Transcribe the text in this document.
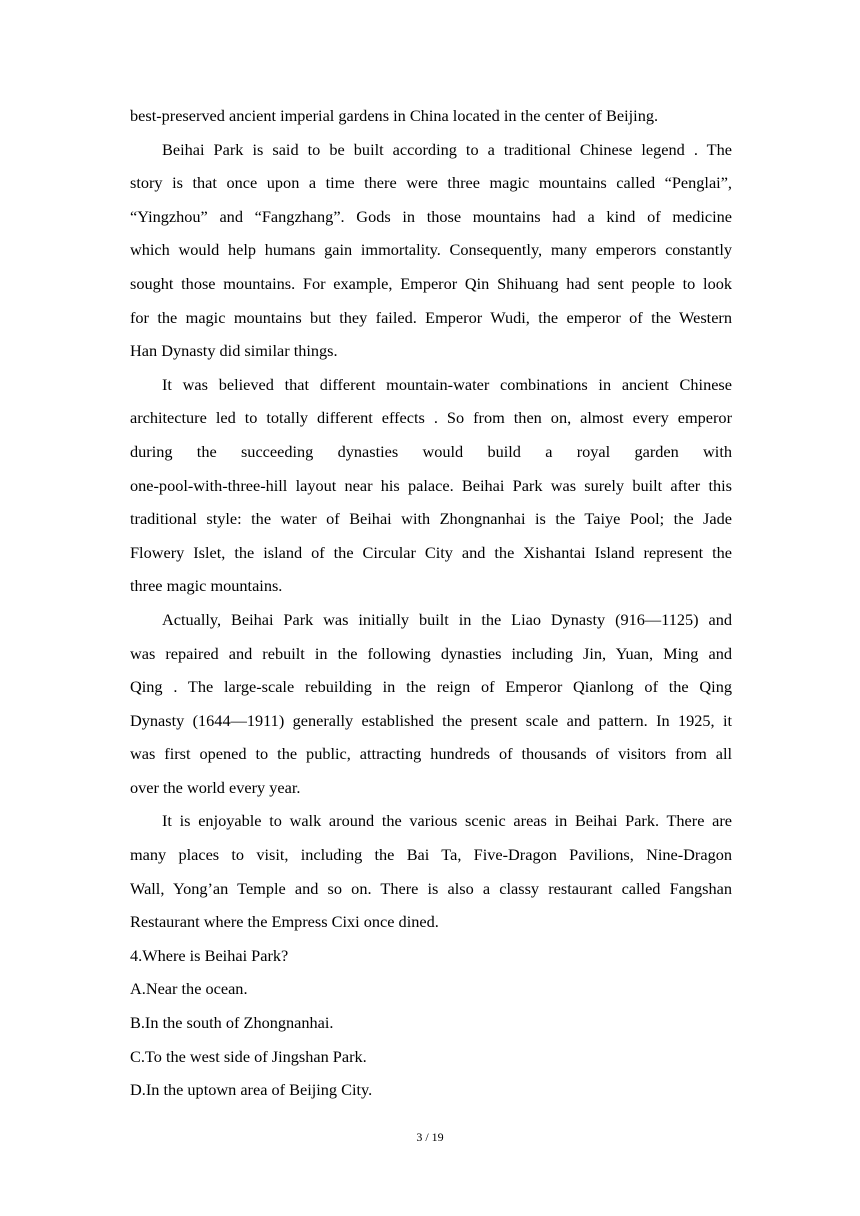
best-preserved ancient imperial gardens in China located in the center of Beijing.

Beihai Park is said to be built according to a traditional Chinese legend . The

story is that once upon a time there were three magic mountains called “Penglai”,

“Yingzhou” and “Fangzhang”. Gods in those mountains had a kind of medicine

which would help humans gain immortality. Consequently, many emperors constantly

sought those mountains. For example, Emperor Qin Shihuang had sent people to look

for the magic mountains but they failed. Emperor Wudi, the emperor of the Western

Han Dynasty did similar things.

It was believed that different mountain-water combinations in ancient Chinese

architecture led to totally different effects . So from then on, almost every emperor

during the succeeding dynasties would build a royal garden with

one-pool-with-three-hill layout near his palace. Beihai Park was surely built after this

traditional style: the water of Beihai with Zhongnanhai is the Taiye Pool; the Jade

Flowery Islet, the island of the Circular City and the Xishantai Island represent the

three magic mountains.

Actually, Beihai Park was initially built in the Liao Dynasty (916—1125) and

was repaired and rebuilt in the following dynasties including Jin, Yuan, Ming and

Qing . The large-scale rebuilding in the reign of Emperor Qianlong of the Qing

Dynasty (1644—1911) generally established the present scale and pattern. In 1925, it

was first opened to the public, attracting hundreds of thousands of visitors from all

over the world every year.

It is enjoyable to walk around the various scenic areas in Beihai Park. There are

many places to visit, including the Bai Ta, Five-Dragon Pavilions, Nine-Dragon

Wall, Yong’an Temple and so on. There is also a classy restaurant called Fangshan

Restaurant where the Empress Cixi once dined.

4.Where is Beihai Park?

A.Near the ocean.

B.In the south of Zhongnanhai.

C.To the west side of Jingshan Park.

D.In the uptown area of Beijing City.

3 / 19
